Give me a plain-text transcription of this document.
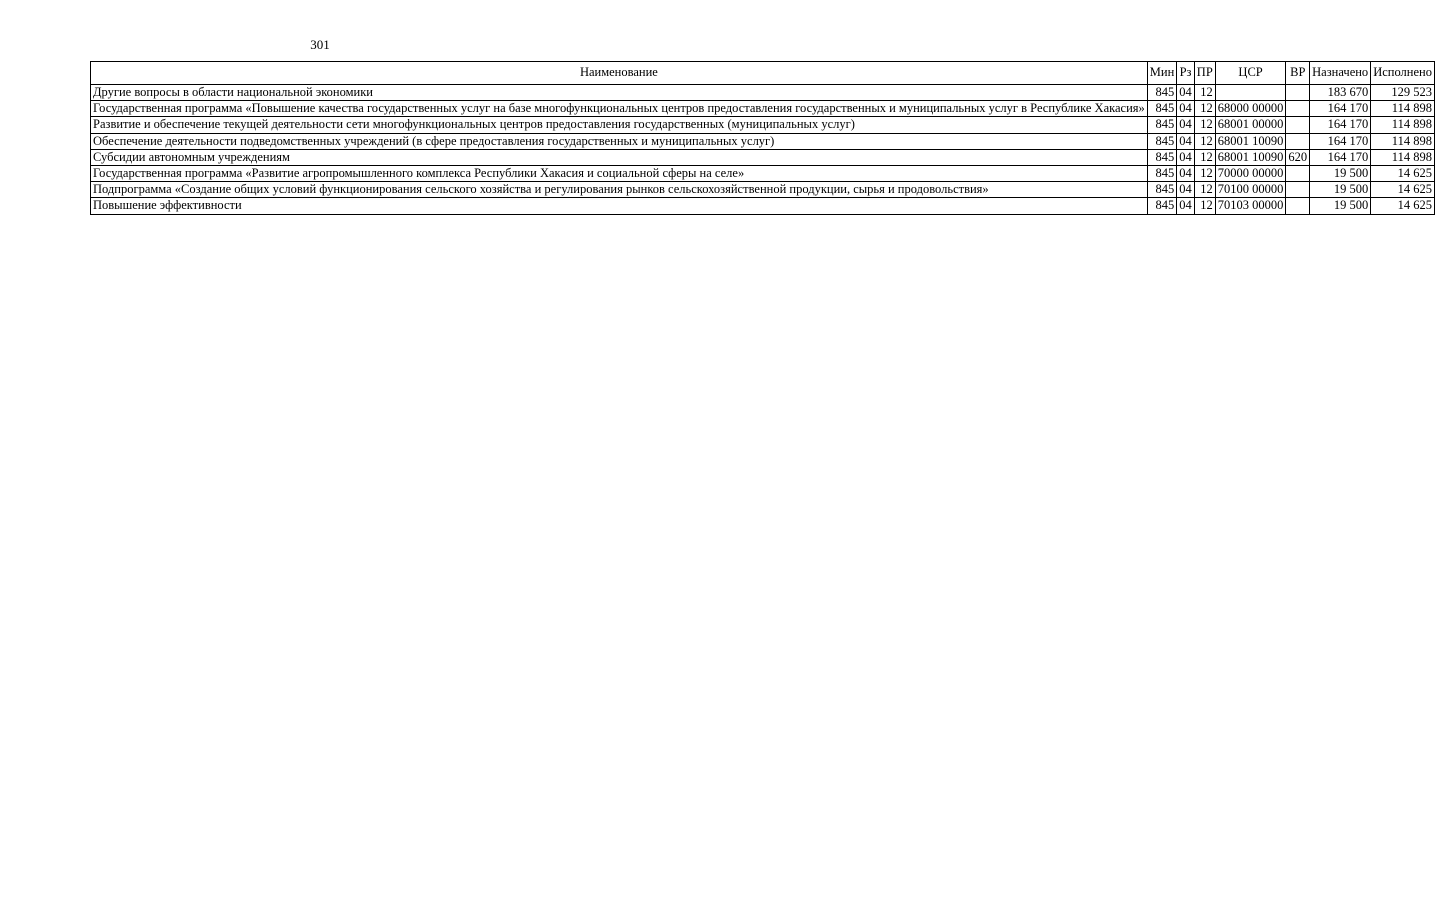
301
Наименование	Мин	Рз	ПР	ЦСР	ВР	Назначено	Исполнено
Другие вопросы в области национальной экономики	845	04	12			183 670	129 523
Государственная программа «Повышение качества государственных услуг на базе многофункциональных центров предоставления государственных и муниципальных услуг в Республике Хакасия»	845	04	12	68000 00000		164 170	114 898
Развитие и обеспечение текущей деятельности сети многофункциональных центров предоставления государственных (муниципальных услуг)	845	04	12	68001 00000		164 170	114 898
Обеспечение деятельности подведомственных учреждений (в сфере предоставления государственных и муниципальных услуг)	845	04	12	68001 10090		164 170	114 898
Субсидии автономным учреждениям	845	04	12	68001 10090	620	164 170	114 898
Государственная программа «Развитие агропромышленного комплекса Республики Хакасия и социальной сферы на селе»	845	04	12	70000 00000		19 500	14 625
Подпрограмма «Создание общих условий функционирования сельского хозяйства и регулирования рынков сельскохозяйственной продукции, сырья и продовольствия»	845	04	12	70100 00000		19 500	14 625
Повышение эффективности	845	04	12	70103 00000		19 500	14 625
